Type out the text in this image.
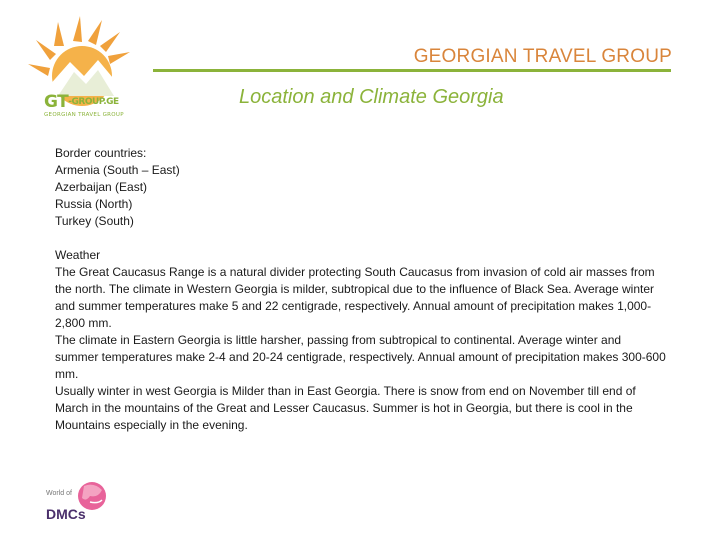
GT-GROUP.GE
GEORGIAN TRAVEL GROUP
GEORGIAN TRAVEL GROUP
Location and Climate Georgia

Border countries:

Armenia (South – East)

Azerbaijan (East)

Russia (North)

Turkey (South)

Weather

The Great Caucasus Range is a natural divider protecting South Caucasus from invasion of cold air masses from the north. The climate in Western Georgia is milder, subtropical due to the influence of Black Sea. Average winter and summer temperatures make 5 and 22 centigrade, respectively. Annual amount of precipitation makes 1,000-2,800 mm.

The climate in Eastern Georgia is little harsher, passing from subtropical to continental. Average winter and summer temperatures make 2-4 and 20-24 centigrade, respectively. Annual amount of precipitation makes 300-600 mm.

Usually winter in west Georgia is Milder than in East Georgia. There is snow from end on November till end of March in the mountains of the Great and Lesser Caucasus. Summer is hot in Georgia, but there is cool in the Mountains especially in the evening.

World of
DMCs
